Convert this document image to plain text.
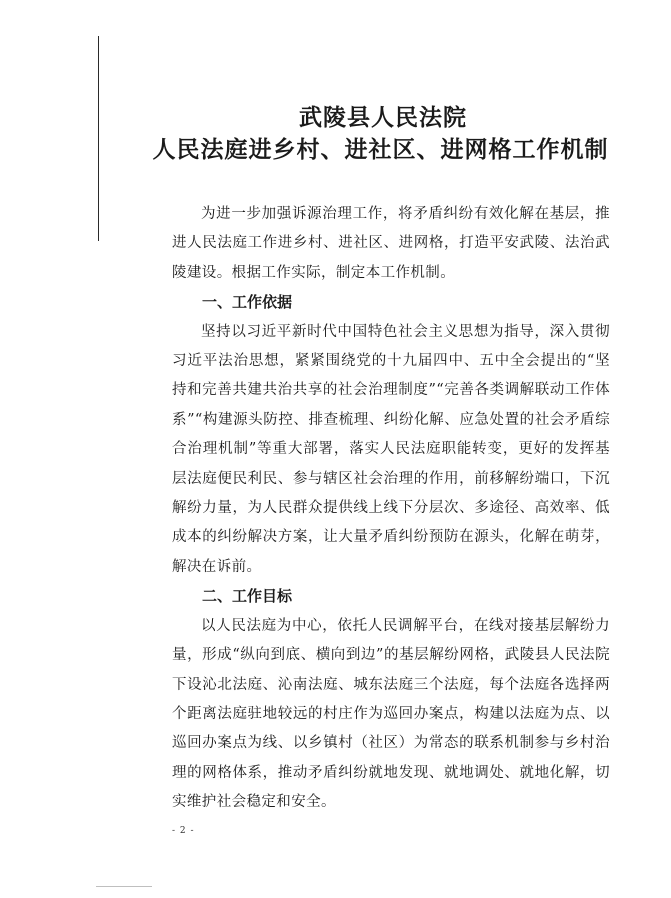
武陵县人民法院
人民法庭进乡村、进社区、进网格工作机制

为进一步加强诉源治理工作，将矛盾纠纷有效化解在基层，推进人民法庭工作进乡村、进社区、进网格，打造平安武陵、法治武陵建设。根据工作实际，制定本工作机制。

一、工作依据

坚持以习近平新时代中国特色社会主义思想为指导，深入贯彻习近平法治思想，紧紧围绕党的十九届四中、五中全会提出的“坚持和完善共建共治共享的社会治理制度”“完善各类调解联动工作体系”“构建源头防控、排查梳理、纠纷化解、应急处置的社会矛盾综合治理机制”等重大部署，落实人民法庭职能转变，更好的发挥基层法庭便民利民、参与辖区社会治理的作用，前移解纷端口，下沉解纷力量，为人民群众提供线上线下分层次、多途径、高效率、低成本的纠纷解决方案，让大量矛盾纠纷预防在源头，化解在萌芽，解决在诉前。

二、工作目标

以人民法庭为中心，依托人民调解平台，在线对接基层解纷力量，形成“纵向到底、横向到边”的基层解纷网格，武陵县人民法院下设沁北法庭、沁南法庭、城东法庭三个法庭，每个法庭各选择两个距离法庭驻地较远的村庄作为巡回办案点，构建以法庭为点、以巡回办案点为线、以乡镇村（社区）为常态的联系机制参与乡村治理的网格体系，推动矛盾纠纷就地发现、就地调处、就地化解，切实维护社会稳定和安全。

- 2 -
